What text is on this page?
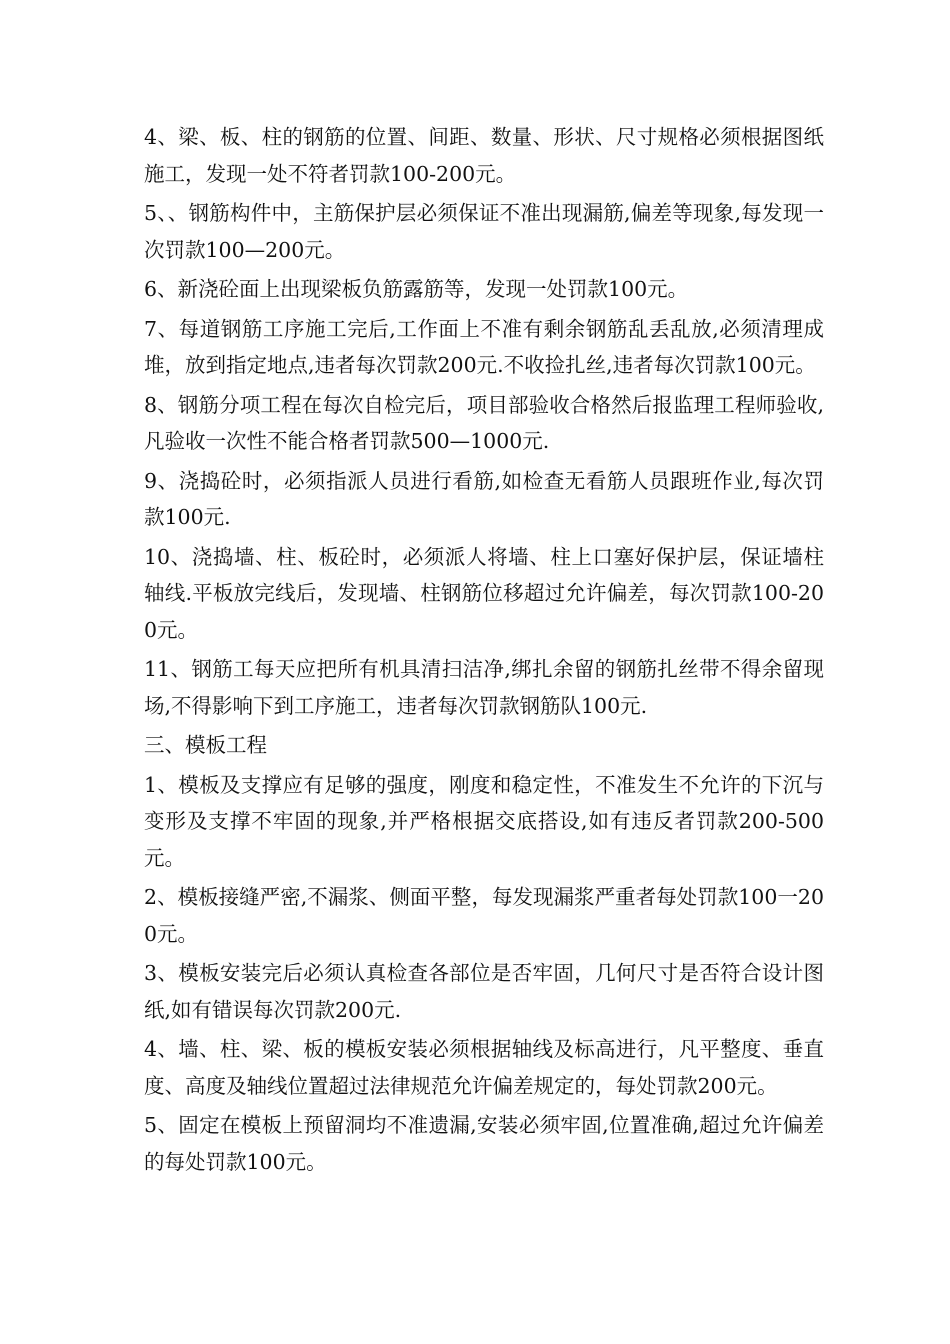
4、梁、板、柱的钢筋的位置、间距、数量、形状、尺寸规格必须根据图纸施工，发现一处不符者罚款100-200元。

5、、钢筋构件中，主筋保护层必须保证不准出现漏筋,偏差等现象,每发现一次罚款100—200元。

6、新浇砼面上出现梁板负筋露筋等，发现一处罚款100元。

7、每道钢筋工序施工完后,工作面上不准有剩余钢筋乱丢乱放,必须清理成堆，放到指定地点,违者每次罚款200元.不收捡扎丝,违者每次罚款100元。

8、钢筋分项工程在每次自检完后，项目部验收合格然后报监理工程师验收,凡验收一次性不能合格者罚款500—1000元.

9、浇捣砼时，必须指派人员进行看筋,如检查无看筋人员跟班作业,每次罚款100元.

10、浇捣墙、柱、板砼时，必须派人将墙、柱上口塞好保护层，保证墙柱轴线.平板放完线后，发现墙、柱钢筋位移超过允许偏差，每次罚款100-200元。

11、钢筋工每天应把所有机具清扫洁净,绑扎余留的钢筋扎丝带不得余留现场,不得影响下到工序施工，违者每次罚款钢筋队100元.

三、模板工程

1、模板及支撑应有足够的强度，刚度和稳定性，不准发生不允许的下沉与变形及支撑不牢固的现象,并严格根据交底搭设,如有违反者罚款200-500元。

2、模板接缝严密,不漏浆、侧面平整，每发现漏浆严重者每处罚款100一200元。

3、模板安装完后必须认真检查各部位是否牢固，几何尺寸是否符合设计图纸,如有错误每次罚款200元.

4、墙、柱、梁、板的模板安装必须根据轴线及标高进行，凡平整度、垂直度、高度及轴线位置超过法律规范允许偏差规定的，每处罚款200元。

5、固定在模板上预留洞均不准遗漏,安装必须牢固,位置准确,超过允许偏差的每处罚款100元。
